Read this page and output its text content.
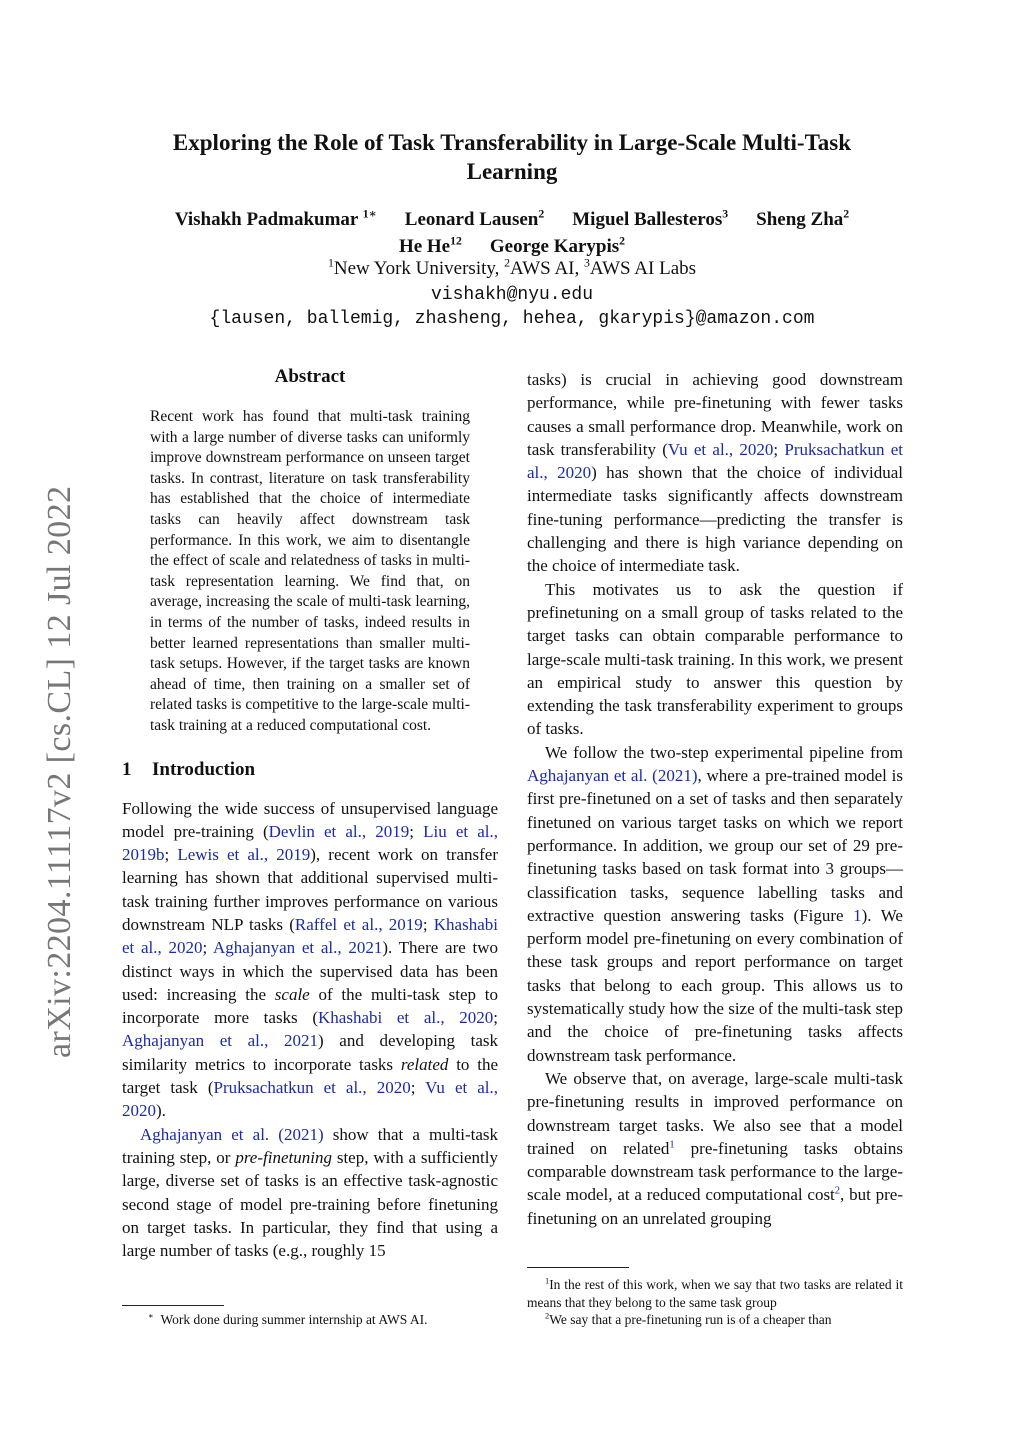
arXiv:2204.11117v2 [cs.CL] 12 Jul 2022
Exploring the Role of Task Transferability in Large-Scale Multi-Task Learning
Vishakh Padmakumar $^{1∗}$ Leonard Lausen$^2$ Miguel Ballesteros$^3$ Sheng Zha$^2$
He He$^{12}$ George Karypis$^2$
$^1$New York University, $^2$AWS AI, $^3$AWS AI Labs
vishakh@nyu.edu
{lausen, ballemig, zhasheng, hehea, gkarypis}@amazon.com
Abstract
Recent work has found that multi-task training with a large number of diverse tasks can uniformly improve downstream performance on unseen target tasks. In contrast, literature on task transferability has established that the choice of intermediate tasks can heavily affect downstream task performance. In this work, we aim to disentangle the effect of scale and relatedness of tasks in multi-task representation learning. We find that, on average, increasing the scale of multi-task learning, in terms of the number of tasks, indeed results in better learned representations than smaller multi-task setups. However, if the target tasks are known ahead of time, then training on a smaller set of related tasks is competitive to the large-scale multi-task training at a reduced computational cost.
1 Introduction

Following the wide success of unsupervised language model pre-training (Devlin et al., 2019; Liu et al., 2019b; Lewis et al., 2019), recent work on transfer learning has shown that additional supervised multi-task training further improves performance on various downstream NLP tasks (Raffel et al., 2019; Khashabi et al., 2020; Aghajanyan et al., 2021). There are two distinct ways in which the supervised data has been used: increasing the scale of the multi-task step to incorporate more tasks (Khashabi et al., 2020; Aghajanyan et al., 2021) and developing task similarity metrics to incorporate tasks related to the target task (Pruksachatkun et al., 2020; Vu et al., 2020).

Aghajanyan et al. (2021) show that a multi-task training step, or pre-finetuning step, with a sufficiently large, diverse set of tasks is an effective task-agnostic second stage of model pre-training before finetuning on target tasks. In particular, they find that using a large number of tasks (e.g., roughly 15

tasks) is crucial in achieving good downstream performance, while pre-finetuning with fewer tasks causes a small performance drop. Meanwhile, work on task transferability (Vu et al., 2020; Pruksachatkun et al., 2020) has shown that the choice of individual intermediate tasks significantly affects downstream fine-tuning performance—predicting the transfer is challenging and there is high variance depending on the choice of intermediate task.

This motivates us to ask the question if prefinetuning on a small group of tasks related to the target tasks can obtain comparable performance to large-scale multi-task training. In this work, we present an empirical study to answer this question by extending the task transferability experiment to groups of tasks.

We follow the two-step experimental pipeline from Aghajanyan et al. (2021), where a pre-trained model is first pre-finetuned on a set of tasks and then separately finetuned on various target tasks on which we report performance. In addition, we group our set of 29 pre-finetuning tasks based on task format into 3 groups—classification tasks, sequence labelling tasks and extractive question answering tasks (Figure 1). We perform model pre-finetuning on every combination of these task groups and report performance on target tasks that belong to each group. This allows us to systematically study how the size of the multi-task step and the choice of pre-finetuning tasks affects downstream task performance.

We observe that, on average, large-scale multi-task pre-finetuning results in improved performance on downstream target tasks. We also see that a model trained on related$^1$ pre-finetuning tasks obtains comparable downstream task performance to the large-scale model, at a reduced computational cost$^2$, but pre-finetuning on an unrelated grouping

∗ Work done during summer internship at AWS AI.

$^1$In the rest of this work, when we say that two tasks are related it means that they belong to the same task group

$^2$We say that a pre-finetuning run is of a cheaper than
